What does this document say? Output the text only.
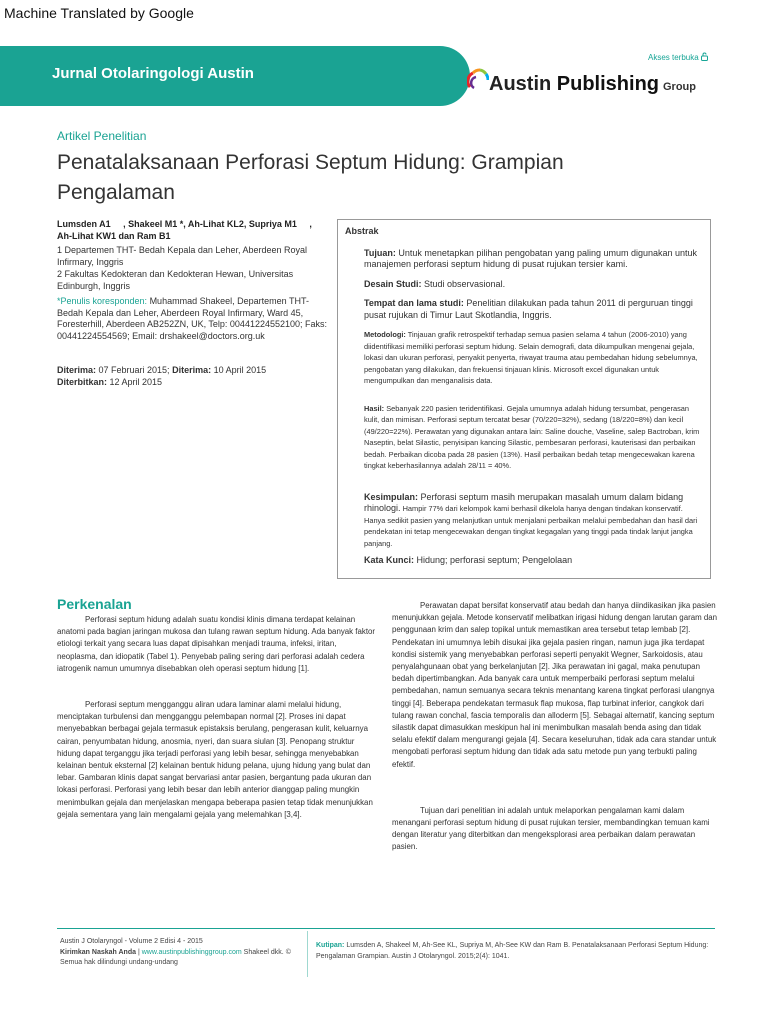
Machine Translated by Google
Jurnal Otolaringologi Austin
Akses terbuka
Austin Publishing Group
Artikel Penelitian
Penatalaksanaan Perforasi Septum Hidung: Grampian Pengalaman
Lumsden A1     , Shakeel M1 *, Ah-Lihat KL2, Supriya M1     ,
Ah-Lihat KW1 dan Ram B1
1 Departemen THT- Bedah Kepala dan Leher, Aberdeen Royal Infirmary, Inggris
2 Fakultas Kedokteran dan Kedokteran Hewan, Universitas Edinburgh, Inggris
*Penulis koresponden: Muhammad Shakeel, Departemen THT- Bedah Kepala dan Leher, Aberdeen Royal Infirmary, Ward 45, Foresterhill, Aberdeen AB252ZN, UK, Telp: 00441224552100; Faks: 00441224554569; Email: drshakeel@doctors.org.uk
Diterima: 07 Februari 2015; Diterima: 10 April 2015
Diterbitkan: 12 April 2015

Abstrak

Tujuan: Untuk menetapkan pilihan pengobatan yang paling umum digunakan untuk manajemen perforasi septum hidung di pusat rujukan tersier kami.

Desain Studi: Studi observasional.

Tempat dan lama studi: Penelitian dilakukan pada tahun 2011 di perguruan tinggi pusat rujukan di Timur Laut Skotlandia, Inggris.

Metodologi: Tinjauan grafik retrospektif terhadap semua pasien selama 4 tahun (2006-2010) yang diidentifikasi memiliki perforasi septum hidung. Selain demografi, data dikumpulkan mengenai gejala, lokasi dan ukuran perforasi, penyakit penyerta, riwayat trauma atau pembedahan hidung sebelumnya, pengobatan yang dilakukan, dan frekuensi tinjauan klinis. Microsoft excel digunakan untuk mengumpulkan dan menganalisis data.

Hasil: Sebanyak 220 pasien teridentifikasi. Gejala umumnya adalah hidung tersumbat, pengerasan kulit, dan mimisan. Perforasi septum tercatat besar (70/220=32%), sedang (18/220=8%) dan kecil (49/220=22%). Perawatan yang digunakan antara lain: Saline douche, Vaseline, salep Bactroban, krim Naseptin, belat Silastic, penyisipan kancing Silastic, pembesaran perforasi, kauterisasi dan perbaikan bedah. Perbaikan dicoba pada 28 pasien (13%). Hasil perbaikan bedah tetap mengecewakan karena tingkat keberhasilannya adalah 28/11 = 40%.

Kesimpulan: Perforasi septum masih merupakan masalah umum dalam bidang rhinologi. Hampir 77% dari kelompok kami berhasil dikelola hanya dengan tindakan konservatif. Hanya sedikit pasien yang melanjutkan untuk menjalani perbaikan melalui pembedahan dan hasil dari pendekatan ini tetap mengecewakan dengan tingkat kegagalan yang tinggi pada tindak lanjut jangka panjang.

Kata Kunci: Hidung; perforasi septum; Pengelolaan

Perkenalan

Perforasi septum hidung adalah suatu kondisi klinis dimana terdapat kelainan anatomi pada bagian jaringan mukosa dan tulang rawan septum hidung. Ada banyak faktor etiologi terkait yang secara luas dapat dipisahkan menjadi trauma, infeksi, iritan, neoplasma, dan idiopatik (Tabel 1). Penyebab paling sering dari perforasi adalah cedera iatrogenik namun umumnya disebabkan oleh operasi septum hidung [1].

Perforasi septum mengganggu aliran udara laminar alami melalui hidung, menciptakan turbulensi dan mengganggu pelembapan normal [2]. Proses ini dapat menyebabkan berbagai gejala termasuk epistaksis berulang, pengerasan kulit, keluarnya cairan, penyumbatan hidung, anosmia, nyeri, dan suara siulan [3]. Penopang struktur hidung dapat terganggu jika terjadi perforasi yang lebih besar, sehingga menyebabkan kelainan bentuk eksternal [2] kelainan bentuk hidung pelana, ujung hidung yang bulat dan lebar. Gambaran klinis dapat sangat bervariasi antar pasien, bergantung pada ukuran dan lokasi perforasi. Perforasi yang lebih besar dan lebih anterior dianggap paling mungkin menimbulkan gejala dan menjelaskan mengapa beberapa pasien tetap tidak menunjukkan gejala sementara yang lain mengalami gejala yang melemahkan [3,4].

Perawatan dapat bersifat konservatif atau bedah dan hanya diindikasikan jika pasien menunjukkan gejala. Metode konservatif melibatkan irigasi hidung dengan larutan garam dan penggunaan krim dan salep topikal untuk memastikan area tersebut tetap lembab [2]. Pendekatan ini umumnya lebih disukai jika gejala pasien ringan, namun juga jika terdapat kondisi sistemik yang menyebabkan perforasi seperti penyakit Wegner, Sarkoidosis, atau penyalahgunaan obat yang berkelanjutan [2]. Jika perawatan ini gagal, maka penutupan bedah dipertimbangkan. Ada banyak cara untuk memperbaiki perforasi septum melalui pembedahan, namun semuanya secara teknis menantang karena tingkat perforasi ulangnya tinggi [4]. Beberapa pendekatan termasuk flap mukosa, flap turbinat inferior, cangkok dari tulang rawan conchal, fascia temporalis dan alloderm [5]. Sebagai alternatif, kancing septum silastik dapat dimasukkan meskipun hal ini menimbulkan masalah benda asing dan tidak selalu efektif dalam mengurangi gejala [4]. Secara keseluruhan, tidak ada cara standar untuk mengobati perforasi septum hidung dan tidak ada satu metode pun yang terbukti paling efektif.

Tujuan dari penelitian ini adalah untuk melaporkan pengalaman kami dalam menangani perforasi septum hidung di pusat rujukan tersier, membandingkan temuan kami dengan literatur yang diterbitkan dan mengeksplorasi area perbaikan dalam perawatan pasien.

Austin J Otolaryngol - Volume 2 Edisi 4 - 2015
Kirimkan Naskah Anda | www.austinpublishinggroup.com Shakeel dkk. © Semua hak dilindungi undang-undang
Kutipan: Lumsden A, Shakeel M, Ah-See KL, Supriya M, Ah-See KW dan Ram B. Penatalaksanaan Perforasi Septum Hidung: Pengalaman Grampian. Austin J Otolaryngol. 2015;2(4): 1041.
